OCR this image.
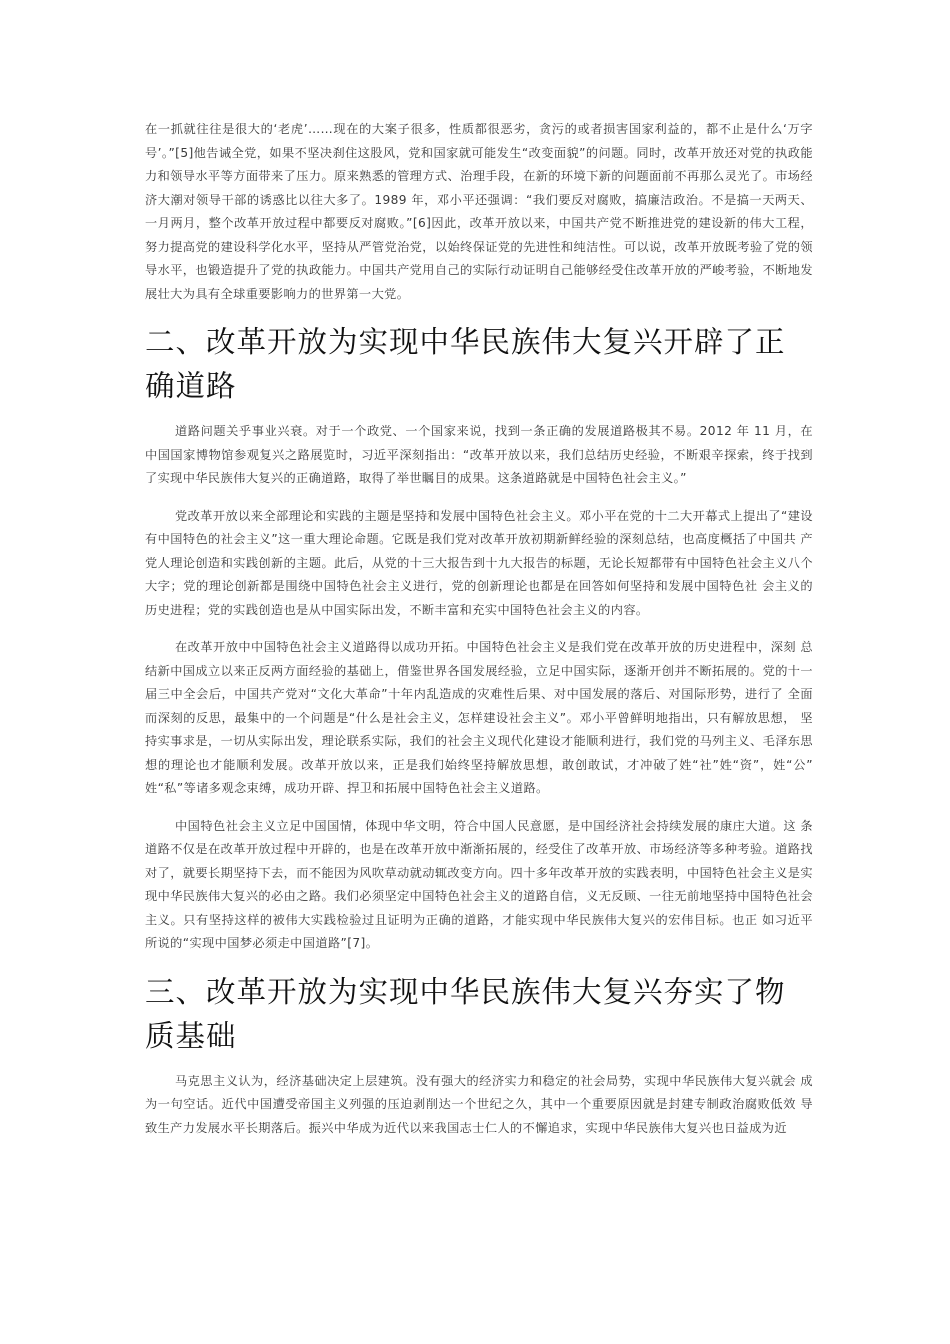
在一抓就往往是很大的‘老虎’……现在的大案子很多，性质都很恶劣，贪污的或者损害国家利益的，都不止是什么‘万字号’。”[5]他告诫全党，如果不坚决刹住这股风，党和国家就可能发生“改变面貌”的问题。同时，改革开放还对党的执政能力和领导水平等方面带来了压力。原来熟悉的管理方式、治理手段，在新的环境下新的问题面前不再那么灵光了。市场经济大潮对领导干部的诱惑比以往大多了。1989 年，邓小平还强调：“我们要反对腐败，搞廉洁政治。不是搞一天两天、一月两月，整个改革开放过程中都要反对腐败。”[6]因此，改革开放以来，中国共产党不断推进党的建设新的伟大工程， 努力提高党的建设科学化水平，坚持从严管党治党，以始终保证党的先进性和纯洁性。可以说，改革开放既考验了党的领导水平，也锻造提升了党的执政能力。中国共产党用自己的实际行动证明自己能够经受住改革开放的严峻考验，不断地发展壮大为具有全球重要影响力的世界第一大党。

二、改革开放为实现中华民族伟大复兴开辟了正确道路

道路问题关乎事业兴衰。对于一个政党、一个国家来说，找到一条正确的发展道路极其不易。2012 年 11 月，在中国国家博物馆参观复兴之路展览时，习近平深刻指出：“改革开放以来，我们总结历史经验，不断艰辛探索，终于找到了实现中华民族伟大复兴的正确道路，取得了举世瞩目的成果。这条道路就是中国特色社会主义。”

党改革开放以来全部理论和实践的主题是坚持和发展中国特色社会主义。邓小平在党的十二大开幕式上提出了“建设有中国特色的社会主义”这一重大理论命题。它既是我们党对改革开放初期新鲜经验的深刻总结，也高度概括了中国共 产党人理论创造和实践创新的主题。此后，从党的十三大报告到十九大报告的标题，无论长短都带有中国特色社会主义八个大字；党的理论创新都是围绕中国特色社会主义进行，党的创新理论也都是在回答如何坚持和发展中国特色社 会主义的历史进程；党的实践创造也是从中国实际出发，不断丰富和充实中国特色社会主义的内容。

在改革开放中中国特色社会主义道路得以成功开拓。中国特色社会主义是我们党在改革开放的历史进程中，深刻 总结新中国成立以来正反两方面经验的基础上，借鉴世界各国发展经验，立足中国实际，逐渐开创并不断拓展的。党的十一届三中全会后，中国共产党对“文化大革命”十年内乱造成的灾难性后果、对中国发展的落后、对国际形势，进行了 全面而深刻的反思，最集中的一个问题是“什么是社会主义，怎样建设社会主义”。邓小平曾鲜明地指出，只有解放思想， 坚持实事求是，一切从实际出发，理论联系实际，我们的社会主义现代化建设才能顺利进行，我们党的马列主义、毛泽东思想的理论也才能顺利发展。改革开放以来，正是我们始终坚持解放思想，敢创敢试，才冲破了姓“社”姓“资”，姓“公” 姓“私”等诸多观念束缚，成功开辟、捍卫和拓展中国特色社会主义道路。

中国特色社会主义立足中国国情，体现中华文明，符合中国人民意愿，是中国经济社会持续发展的康庄大道。这 条道路不仅是在改革开放过程中开辟的，也是在改革开放中渐渐拓展的，经受住了改革开放、市场经济等多种考验。道路找对了，就要长期坚持下去，而不能因为风吹草动就动辄改变方向。四十多年改革开放的实践表明，中国特色社会主义是实现中华民族伟大复兴的必由之路。我们必须坚定中国特色社会主义的道路自信，义无反顾、一往无前地坚持中国特色社会主义。只有坚持这样的被伟大实践检验过且证明为正确的道路，才能实现中华民族伟大复兴的宏伟目标。也正 如习近平所说的“实现中国梦必须走中国道路”[7]。

三、改革开放为实现中华民族伟大复兴夯实了物质基础

马克思主义认为，经济基础决定上层建筑。没有强大的经济实力和稳定的社会局势，实现中华民族伟大复兴就会 成为一句空话。近代中国遭受帝国主义列强的压迫剥削达一个世纪之久，其中一个重要原因就是封建专制政治腐败低效 导致生产力发展水平长期落后。振兴中华成为近代以来我国志士仁人的不懈追求，实现中华民族伟大复兴也日益成为近
